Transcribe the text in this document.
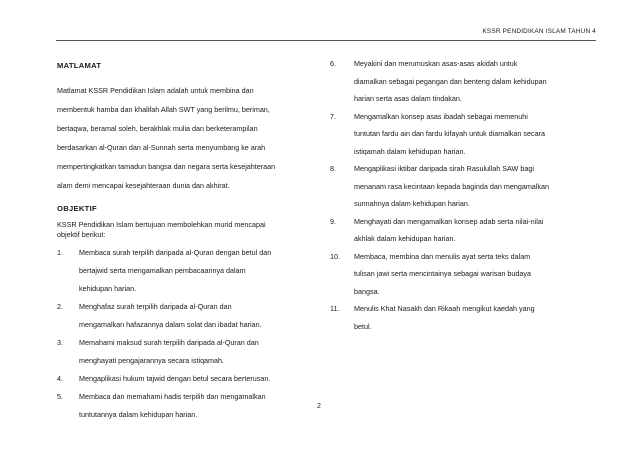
KSSR PENDIDIKAN ISLAM TAHUN 4
MATLAMAT
Matlamat KSSR Pendidikan Islam adalah untuk membina dan
membentuk hamba dan khalifah Allah SWT yang berilmu, beriman,
bertaqwa, beramal soleh, berakhlak mulia dan berketerampilan
berdasarkan al-Quran dan al-Sunnah serta menyumbang ke arah
mempertingkatkan tamadun bangsa dan negara serta kesejahteraan
alam demi mencapai kesejahteraan dunia dan akhirat.
OBJEKTIF
KSSR Pendidikan Islam bertujuan membolehkan murid mencapai
objektif berikut:
1.	Membaca surah terpilih daripada al-Quran dengan betul dan
bertajwid serta mengamalkan pembacaannya dalam
kehidupan harian.
2.	Menghafaz surah terpilih daripada al-Quran dan
mengamalkan hafazannya dalam solat dan ibadat harian.
3.	Memahami maksud surah terpilih daripada al-Quran dan
menghayati pengajarannya secara istiqamah.
4.	Mengaplikasi hukum tajwid dengan betul secara berterusan.
5.	Membaca dan memahami hadis terpilih dan mengamalkan
tuntutannya dalam kehidupan harian.
6.	Meyakini dan merumuskan asas-asas akidah untuk
diamalkan sebagai pegangan dan benteng dalam kehidupan
harian serta asas dalam tindakan.
7.	Mengamalkan konsep asas ibadah sebagai memenuhi
tuntutan fardu ain dan fardu kifayah untuk diamalkan secara
istiqamah dalam kehidupan harian.
8.	Mengaplikasi iktibar daripada sirah Rasulullah SAW bagi
menanam rasa kecintaan kepada baginda dan mengamalkan
sunnahnya dalam kehidupan harian.
9.	Menghayati dan mengamalkan konsep adab serta nilai-nilai
akhlak dalam kehidupan harian.
10.	Membaca, membina dan menulis ayat serta teks dalam
tulisan jawi serta mencintainya sebagai warisan budaya
bangsa.
11.	Menulis Khat Nasakh dan Rikaah mengikut kaedah yang
betul.
2
